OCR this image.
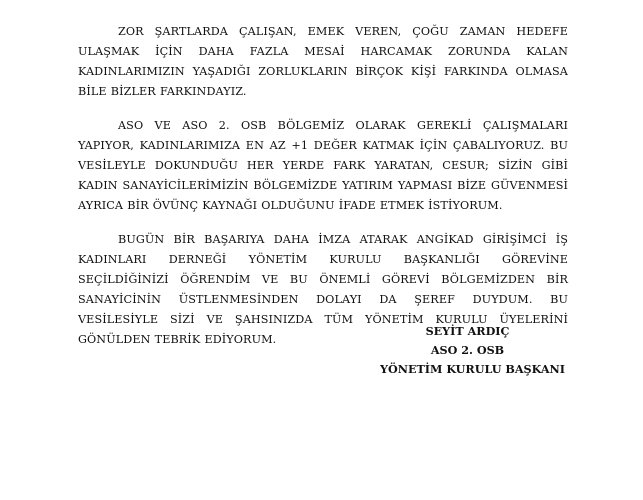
ZOR ŞARTLARDA ÇALIŞAN, EMEK VEREN, ÇOĞU ZAMAN HEDEFE ULAŞMAK İÇİN DAHA FAZLA MESAİ HARCAMAK ZORUNDA KALAN KADINLARIMIZIN YAŞADIĞI ZORLUKLARIN BİRÇOK KİŞİ FARKINDA OLMASA BİLE BİZLER FARKINDAYIZ.

ASO VE ASO 2. OSB BÖLGEMİZ OLARAK GEREKLİ ÇALIŞMALARI YAPIYOR, KADINLARIMIZA EN AZ +1 DEĞER KATMAK İÇİN ÇABALIYORUZ. BU VESİLEYLE DOKUNDUĞU HER YERDE FARK YARATAN, CESUR; SİZİN GİBİ KADIN SANAYİCİLERİMİZİN BÖLGEMİZDE YATIRIM YAPMASI BİZE GÜVENMESİ AYRICA BİR ÖVÜNÇ KAYNAĞI OLDUĞUNU İFADE ETMEK İSTİYORUM.

BUGÜN BİR BAŞARIYA DAHA İMZA ATARAK ANGİKAD GİRİŞİMCİ İŞ KADINLARI DERNEĞİ YÖNETİM KURULU BAŞKANLIĞI GÖREVİNE SEÇİLDİĞİNİZİ ÖĞRENDİM VE BU ÖNEMLİ GÖREVİ BÖLGEMİZDEN BİR SANAYİCİNİN ÜSTLENMESİNDEN DOLAYI DA ŞEREF DUYDUM. BU VESİLESİYLE SİZİ VE ŞAHSINIZDA TÜM YÖNETİM KURULU ÜYELERİNİ GÖNÜLDEN TEBRİK EDİYORUM.

SEYİT ARDIÇ
ASO 2. OSB
YÖNETİM KURULU BAŞKANI
